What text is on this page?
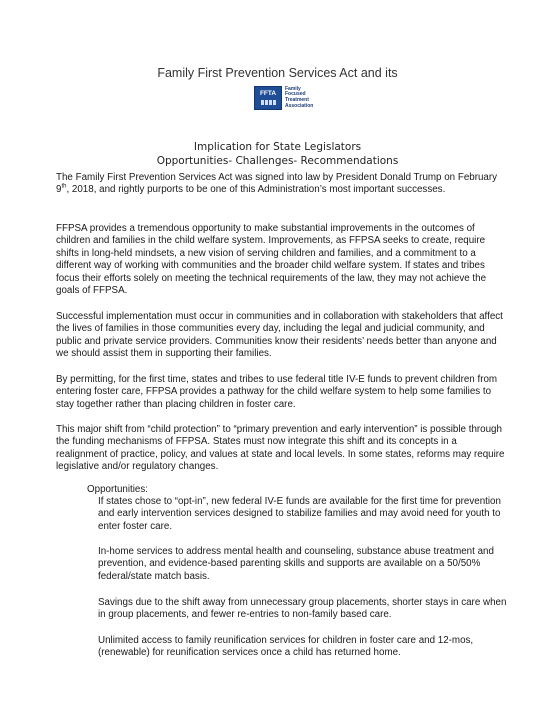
Family First Prevention Services Act and its
FFTA
Family
Focused
Treatment
Association
Implication for State Legislators
Opportunities- Challenges- Recommendations

The Family First Prevention Services Act was signed into law by President Donald Trump on February 9th, 2018, and rightly purports to be one of this Administration’s most important successes.

FFPSA provides a tremendous opportunity to make substantial improvements in the outcomes of children and families in the child welfare system. Improvements, as FFPSA seeks to create, require shifts in long-held mindsets, a new vision of serving children and families, and a commitment to a different way of working with communities and the broader child welfare system. If states and tribes focus their efforts solely on meeting the technical requirements of the law, they may not achieve the goals of FFPSA.

Successful implementation must occur in communities and in collaboration with stakeholders that affect the lives of families in those communities every day, including the legal and judicial community, and public and private service providers. Communities know their residents’ needs better than anyone and we should assist them in supporting their families.

By permitting, for the first time, states and tribes to use federal title IV-E funds to prevent children from entering foster care, FFPSA provides a pathway for the child welfare system to help some families to stay together rather than placing children in foster care.

This major shift from “child protection” to “primary prevention and early intervention” is possible through the funding mechanisms of FFPSA. States must now integrate this shift and its concepts in a realignment of practice, policy, and values at state and local levels. In some states, reforms may require legislative and/or regulatory changes.

Opportunities:
If states chose to “opt-in”, new federal IV-E funds are available for the first time for prevention and early intervention services designed to stabilize families and may avoid need for youth to enter foster care.
In-home services to address mental health and counseling, substance abuse treatment and prevention, and evidence-based parenting skills and supports are available on a 50/50% federal/state match basis.
Savings due to the shift away from unnecessary group placements, shorter stays in care when in group placements, and fewer re-entries to non-family based care.
Unlimited access to family reunification services for children in foster care and 12-mos, (renewable) for reunification services once a child has returned home.
